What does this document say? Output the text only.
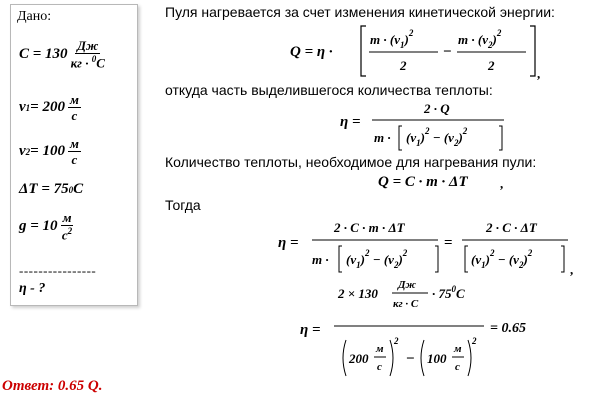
Дано:
$C = 130 \frac{Дж}{кг \cdot ^0C}$
v $1 = 200 \frac{м}{с}$
v $2 = 100 \frac{м}{с}$
ΔT = 75 0 C
$g = 10 \frac{м}{с^2}$
----------------
η - ?
Пуля нагревается за счет изменения кинетической энергии:
откуда часть выделившегося количества теплоты:
Количество теплоты, необходимое для нагревания пули:
Тогда
Q = η ·
$m \cdot (v_1)^2$
2
−
$m \cdot (v_2)^2$
2
,
η =
2 · Q
$m \cdot (v_1)^2 - (v_2)^2$
Q = C · m · ΔT ,
η =
2 · C · m · ΔT
$m \cdot (v_1)^2 - (v_2)^2$
=
2 · C · ΔT
$(v_1)^2 - (v_2)^2$
,
η =
2 × 130
Дж
кг · C
· $75^0C$
200
м
с
2
− 100
м
с
2
= 0.65
Ответ: 0.65 Q.
